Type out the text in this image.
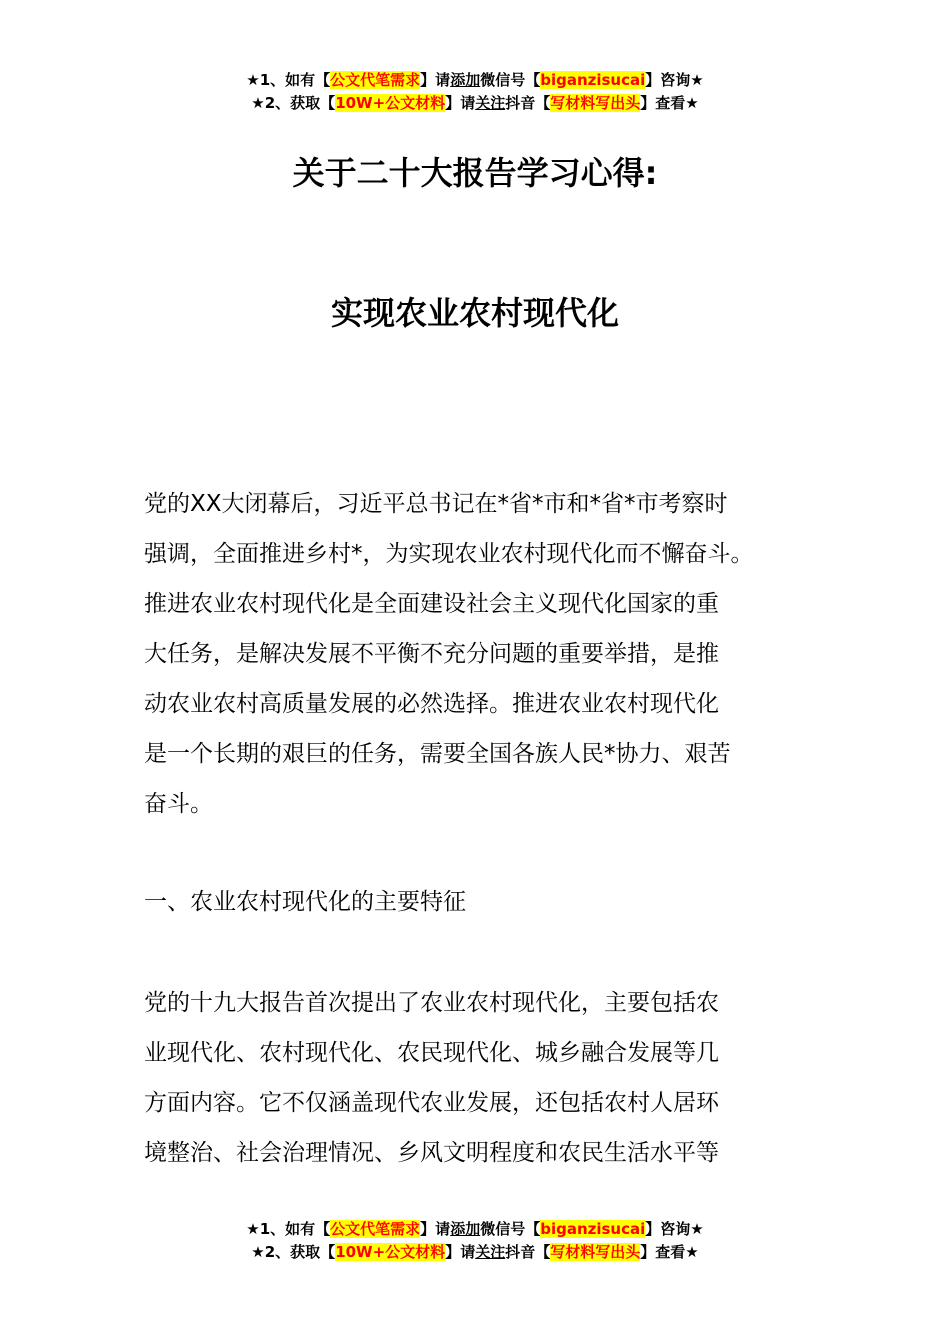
★1、如有【公文代笔需求】请添加微信号【biganzisucai】咨询★
★2、获取【10W+公文材料】请关注抖音【写材料写出头】查看★
关于二十大报告学习心得:
实现农业农村现代化
党的XX大闭幕后，习近平总书记在*省*市和*省*市考察时
强调，全面推进乡村*，为实现农业农村现代化而不懈奋斗。
推进农业农村现代化是全面建设社会主义现代化国家的重
大任务，是解决发展不平衡不充分问题的重要举措，是推
动农业农村高质量发展的必然选择。推进农业农村现代化
是一个长期的艰巨的任务，需要全国各族人民*协力、艰苦
奋斗。
一、农业农村现代化的主要特征
党的十九大报告首次提出了农业农村现代化，主要包括农
业现代化、农村现代化、农民现代化、城乡融合发展等几
方面内容。它不仅涵盖现代农业发展，还包括农村人居环
境整治、社会治理情况、乡风文明程度和农民生活水平等
★1、如有【公文代笔需求】请添加微信号【biganzisucai】咨询★
★2、获取【10W+公文材料】请关注抖音【写材料写出头】查看★
